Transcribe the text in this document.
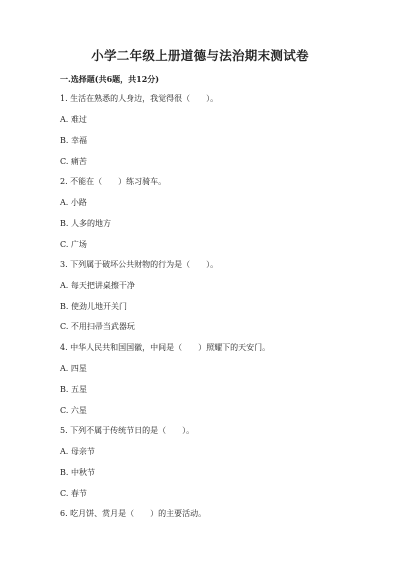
小学二年级上册道德与法治期末测试卷
一.选择题(共6题，共12分)
1. 生活在熟悉的人身边，我觉得很（　　）。
A. 难过
B. 幸福
C. 痛苦
2. 不能在（　　）练习骑车。
A. 小路
B. 人多的地方
C. 广场
3. 下列属于破坏公共财物的行为是（　　）。
A. 每天把讲桌擦干净
B. 使劲儿地开关门
C. 不用扫帚当武器玩
4. 中华人民共和国国徽，中间是（　　）照耀下的天安门。
A. 四星
B. 五星
C. 六星
5. 下列不属于传统节日的是（　　）。
A. 母亲节
B. 中秋节
C. 春节
6. 吃月饼、赏月是（　　）的主要活动。
